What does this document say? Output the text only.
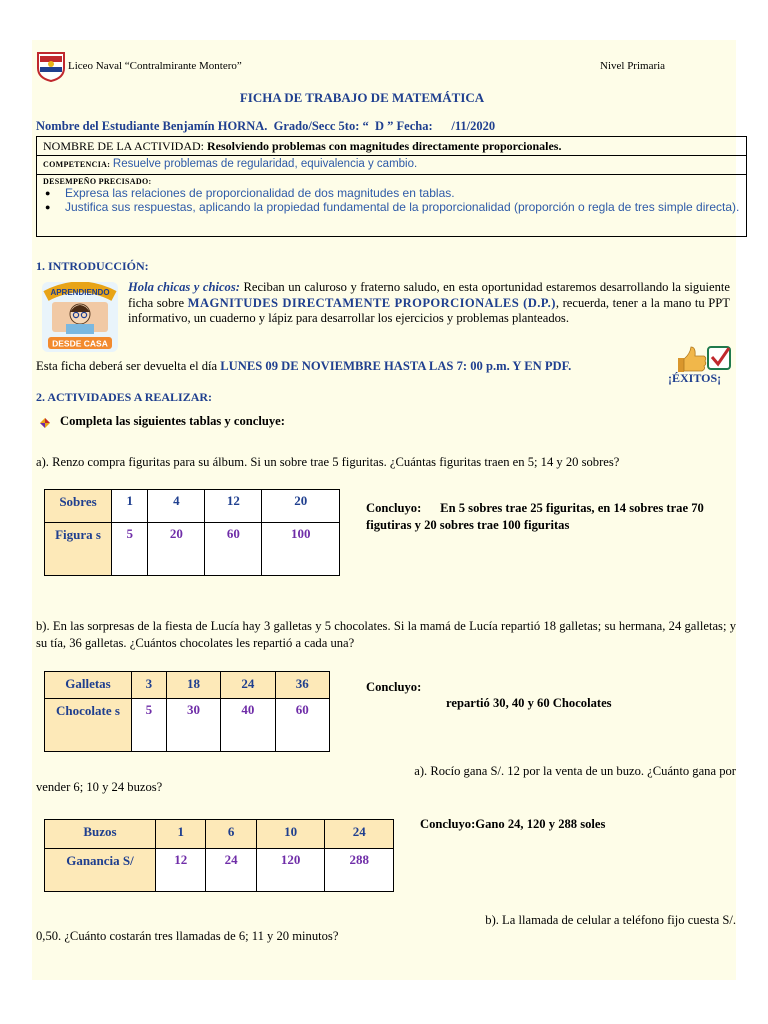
Liceo Naval “Contralmirante Montero”	Nivel Primaria
FICHA DE TRABAJO DE MATEMÁTICA
Nombre del Estudiante Benjamín HORNA.  Grado/Secc 5to: “  D ” Fecha:      /11/2020
NOMBRE DE LA ACTIVIDAD: Resolviendo problemas con magnitudes directamente proporcionales.
COMPETENCIA: Resuelve problemas de regularidad, equivalencia y cambio.
DESEMPEÑO PRECISADO:
● Expresa las relaciones de proporcionalidad de dos magnitudes en tablas.
● Justifica sus respuestas, aplicando la propiedad fundamental de la proporcionalidad (proporción o regla de tres simple directa).
1. INTRODUCCIÓN:
APRENDIENDO
DESDE CASA
Hola chicas y chicos: Reciban un caluroso y fraterno saludo, en esta oportunidad estaremos desarrollando la siguiente ficha sobre MAGNITUDES DIRECTAMENTE PROPORCIONALES (D.P.), recuerda, tener a la mano tu PPT informativo, un cuaderno y lápiz para desarrollar los ejercicios y problemas planteados.
Esta ficha deberá ser devuelta el día LUNES 09 DE NOVIEMBRE HASTA LAS 7: 00 p.m. Y EN PDF.
¡ÉXITOS¡
2. ACTIVIDADES A REALIZAR:
Completa las siguientes tablas y concluye:
a). Renzo compra figuritas para su álbum. Si un sobre trae 5 figuritas. ¿Cuántas figuritas traen en 5; 14 y 20 sobres?
Sobres	1	4	12	20
Figura s	5	20	60	100
Concluyo: En 5 sobres trae 25 figuritas, en 14 sobres trae 70 figutiras y 20 sobres trae 100 figuritas
b). En las sorpresas de la fiesta de Lucía hay 3 galletas y 5 chocolates. Si la mamá de Lucía repartió 18 galletas; su hermana, 24 galletas; y su tía, 36 galletas. ¿Cuántos chocolates les repartió a cada una?
Galletas	3	18	24	36
Chocolate s	5	30	40	60
Concluyo:
repartió 30, 40 y 60 Chocolates
a). Rocío gana S/. 12 por la venta de un buzo. ¿Cuánto gana por
vender 6; 10 y 24 buzos?
Buzos	1	6	10	24
Ganancia S/	12	24	120	288
Concluyo:Gano 24, 120 y 288 soles
b). La llamada de celular a teléfono fijo cuesta S/.
0,50. ¿Cuánto costarán tres llamadas de 6; 11 y 20 minutos?
